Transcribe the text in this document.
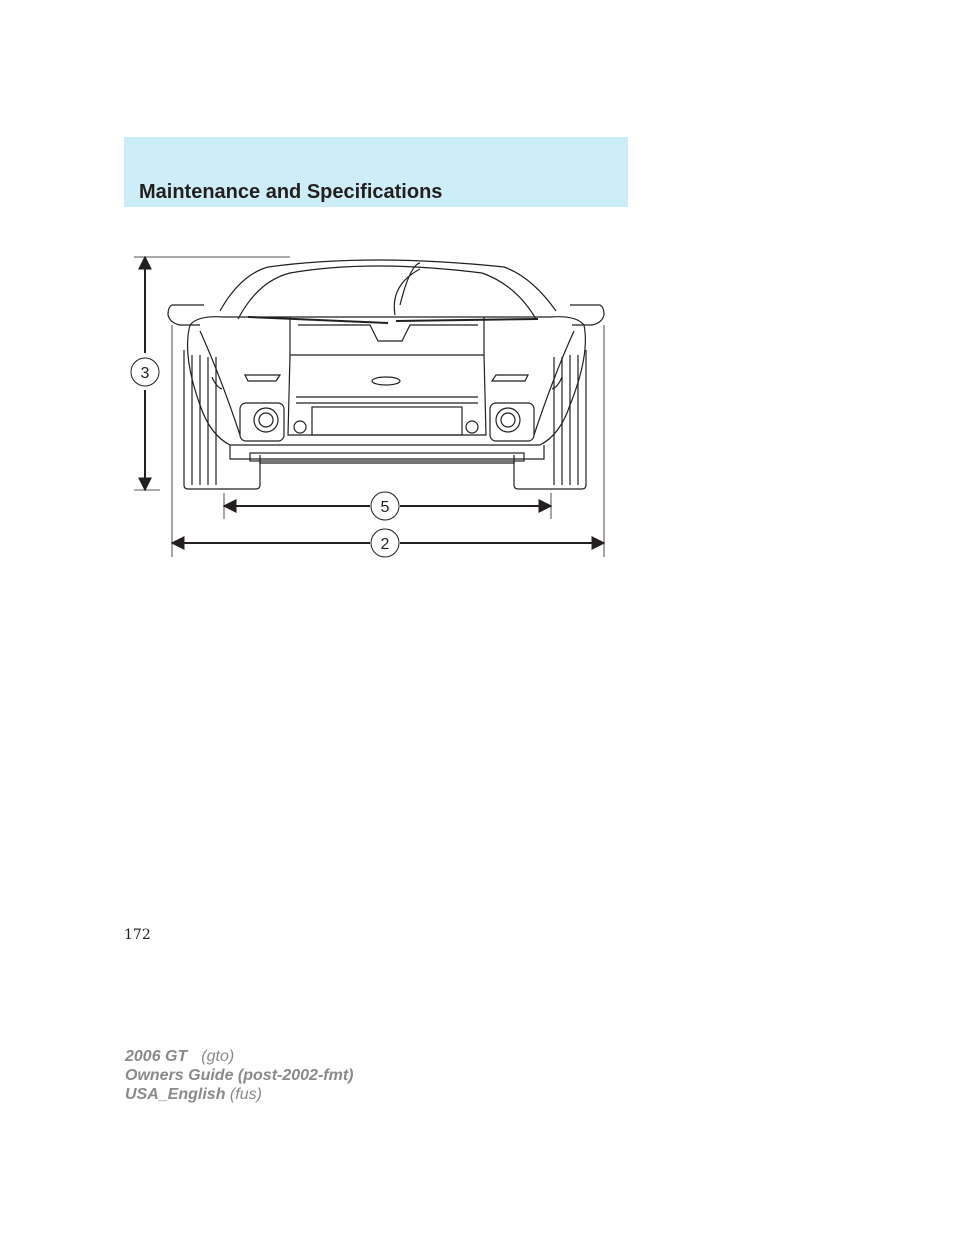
Maintenance and Specifications
3
5
2
172
2006 GT (gto)
Owners Guide (post-2002-fmt)
USA_English (fus)
